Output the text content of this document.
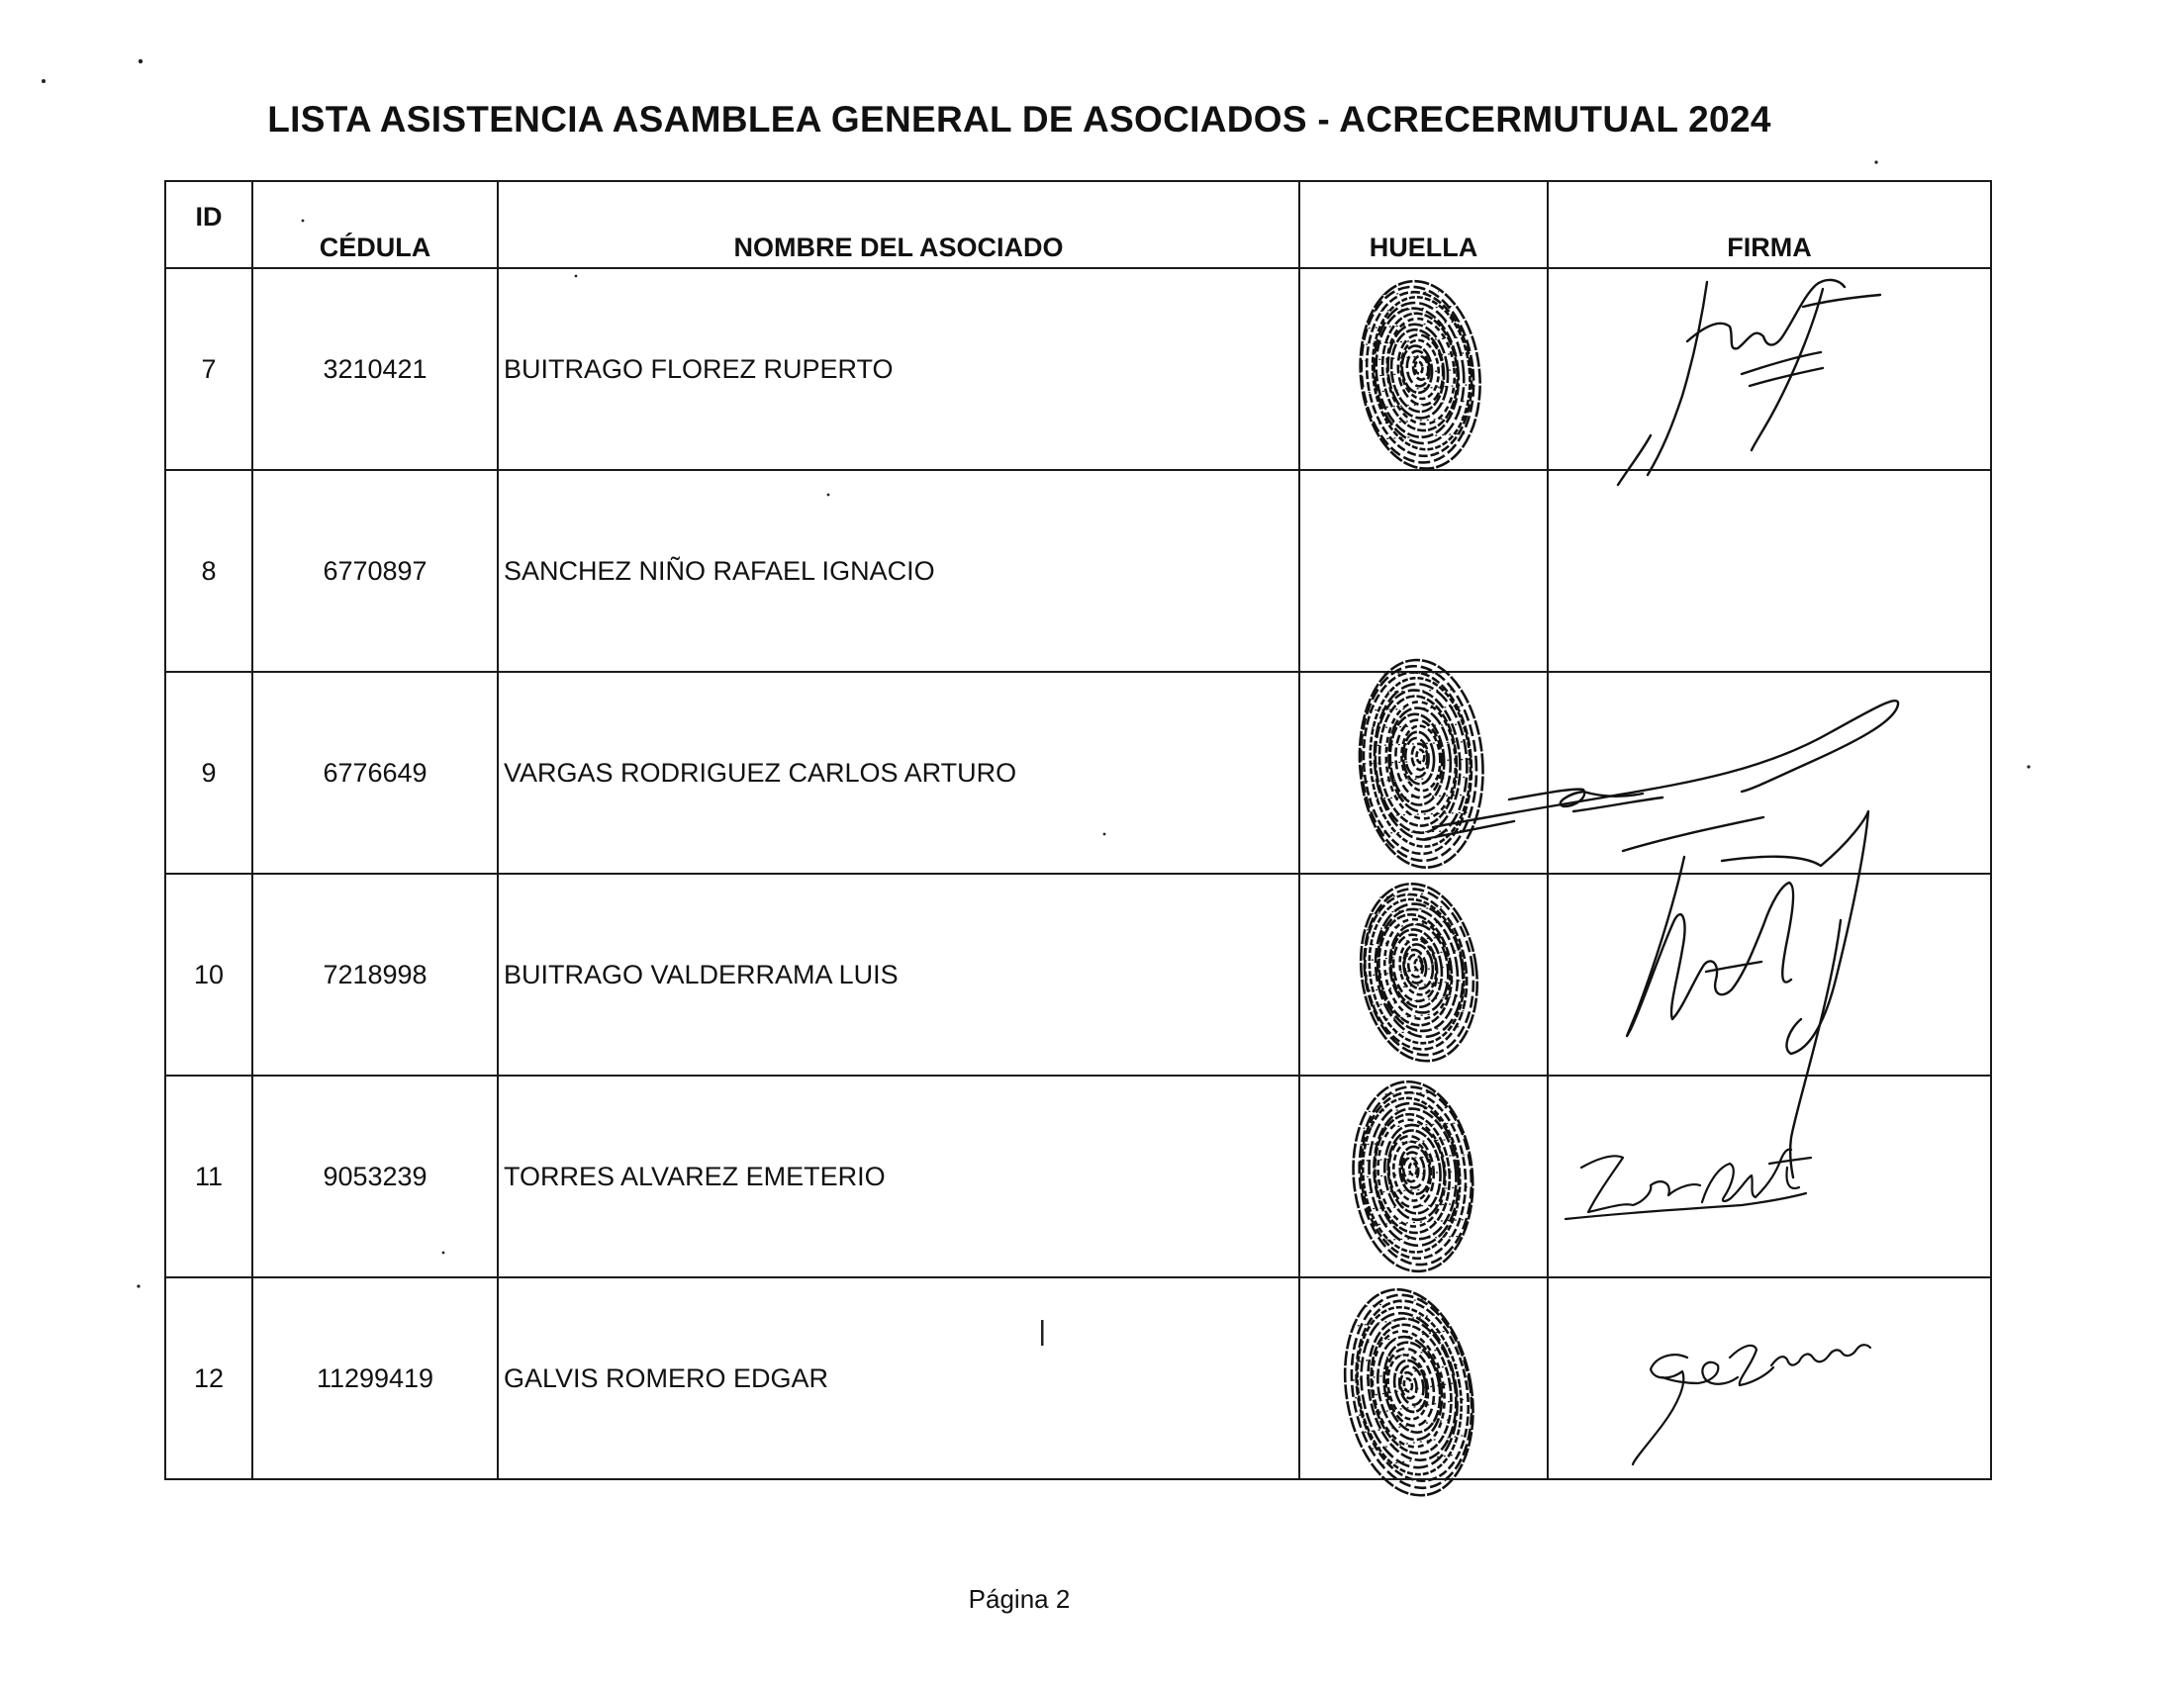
LISTA ASISTENCIA ASAMBLEA GENERAL DE ASOCIADOS - ACRECERMUTUAL 2024
ID	CÉDULA	NOMBRE DEL ASOCIADO	HUELLA	FIRMA
7	3210421	BUITRAGO FLOREZ RUPERTO		
8	6770897	SANCHEZ NIÑO RAFAEL IGNACIO		
9	6776649	VARGAS RODRIGUEZ CARLOS ARTURO		
10	7218998	BUITRAGO VALDERRAMA LUIS		
11	9053239	TORRES ALVAREZ EMETERIO		
12	11299419	GALVIS ROMERO EDGAR		
Página 2
